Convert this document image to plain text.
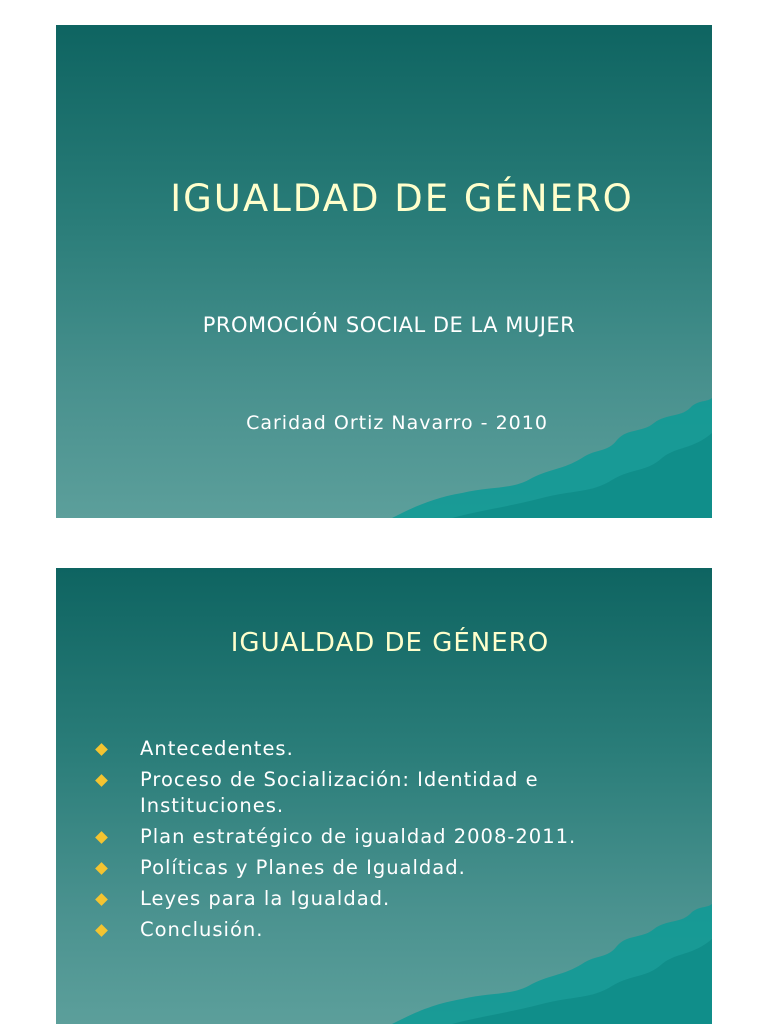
IGUALDAD DE GÉNERO
PROMOCIÓN SOCIAL DE LA MUJER
Caridad Ortiz Navarro - 2010
IGUALDAD DE GÉNERO
Antecedentes.
Proceso de Socialización: Identidad e Instituciones.
Plan estratégico de igualdad 2008-2011.
Políticas y Planes de Igualdad.
Leyes para la Igualdad.
Conclusión.
